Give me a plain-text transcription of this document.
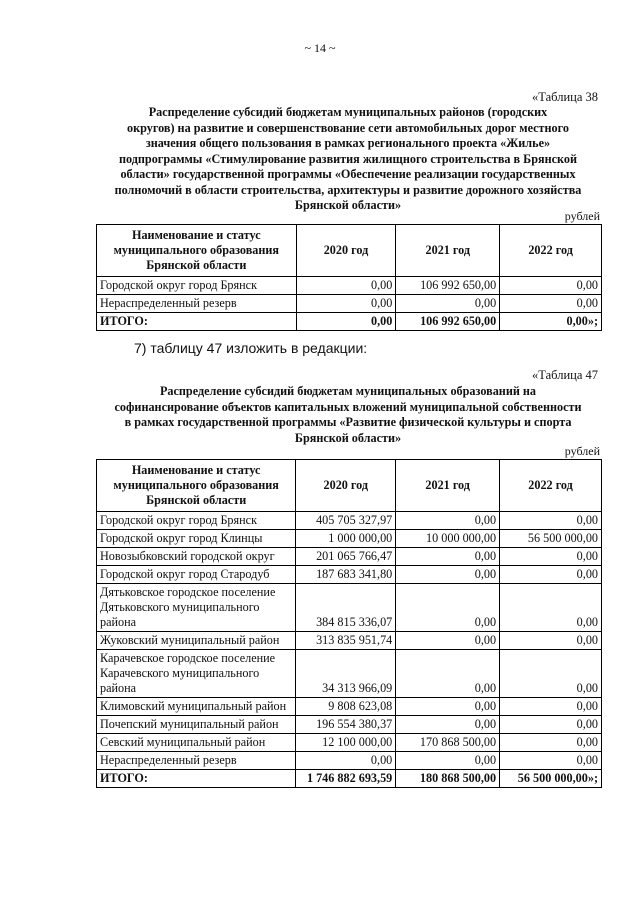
~ 14 ~
«Таблица 38
Распределение субсидий бюджетам муниципальных районов (городских
округов) на развитие и совершенствование сети автомобильных дорог местного
значения общего пользования в рамках регионального проекта «Жилье»
подпрограммы «Стимулирование развития жилищного строительства в Брянской
области» государственной программы «Обеспечение реализации государственных
полномочий в области строительства, архитектуры и развитие дорожного хозяйства
Брянской области»
рублей
Наименование и статус муниципального образования Брянской области	2020 год	2021 год	2022 год
Городской округ город Брянск	0,00	106 992 650,00	0,00
Нераспределенный резерв	0,00	0,00	0,00
ИТОГО:	0,00	106 992 650,00	0,00»;
7) таблицу 47 изложить в редакции:
«Таблица 47
Распределение субсидий бюджетам муниципальных образований на
софинансирование объектов капитальных вложений муниципальной собственности
в рамках государственной программы «Развитие физической культуры и спорта
Брянской области»
рублей
Наименование и статус муниципального образования Брянской области	2020 год	2021 год	2022 год
Городской округ город Брянск	405 705 327,97	0,00	0,00
Городской округ город Клинцы	1 000 000,00	10 000 000,00	56 500 000,00
Новозыбковский городской округ	201 065 766,47	0,00	0,00
Городской округ город Стародуб	187 683 341,80	0,00	0,00
Дятьковское городское поселение Дятьковского муниципального района	384 815 336,07	0,00	0,00
Жуковский муниципальный район	313 835 951,74	0,00	0,00
Карачевское городское поселение Карачевского муниципального района	34 313 966,09	0,00	0,00
Климовский муниципальный район	9 808 623,08	0,00	0,00
Почепский муниципальный район	196 554 380,37	0,00	0,00
Севский муниципальный район	12 100 000,00	170 868 500,00	0,00
Нераспределенный резерв	0,00	0,00	0,00
ИТОГО:	1 746 882 693,59	180 868 500,00	56 500 000,00»;
